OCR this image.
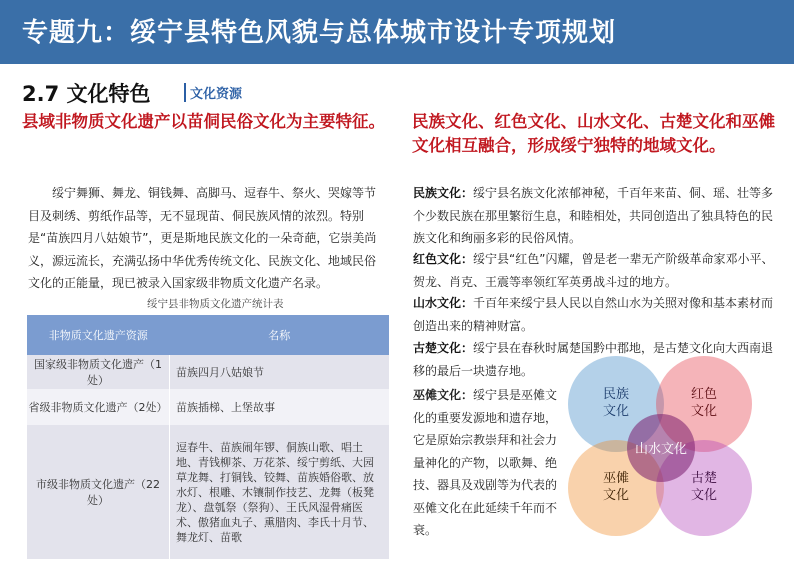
专题九：绥宁县特色风貌与总体城市设计专项规划
2.7 文化特色	文化资源
县域非物质文化遗产以苗侗民俗文化为主要特征。
绥宁舞狮、舞龙、铜钱舞、高脚马、逗春牛、祭火、哭嫁等节目及刺绣、剪纸作品等，无不显现苗、侗民族风情的浓烈。特别是“苗族四月八姑娘节”，更是斯地民族文化的一朵奇葩，它崇美尚义，源远流长，充满弘扬中华优秀传统文化、民族文化、地域民俗文化的正能量，现已被录入国家级非物质文化遗产名录。
绥宁县非物质文化遗产统计表
非物质文化遗产资源	名称
国家级非物质文化遗产（1处）	苗族四月八姑娘节
省级非物质文化遗产（2处）	苗族插梯、上堡故事
市级非物质文化遗产（22处）	逗春牛、苗族闹年锣、侗族山歌、唱土地、青钱柳茶、万花茶、绥宁剪纸、大园草龙舞、打铜钱、铰舞、苗族婚俗歌、放水灯、根雕、木镶制作技艺、龙舞（板凳龙）、盘瓠祭（祭狗）、王氏风湿骨痛医术、傲猪血丸子、熏腊肉、李氏十月节、舞龙灯、苗歌
民族文化、红色文化、山水文化、古楚文化和巫傩文化相互融合，形成绥宁独特的地域文化。
民族文化：绥宁县名族文化浓郁神秘，千百年来苗、侗、瑶、壮等多个少数民族在那里繁衍生息，和睦相处，共同创造出了独具特色的民族文化和绚丽多彩的民俗风情。
红色文化：绥宁县“红色”闪耀，曾是老一辈无产阶级革命家邓小平、贺龙、肖克、王震等率领红军英勇战斗过的地方。
山水文化：千百年来绥宁县人民以自然山水为关照对像和基本素材而创造出来的精神财富。
古楚文化：绥宁县在春秋时属楚国黔中郡地，是古楚文化向大西南退移的最后一块遗存地。
巫傩文化：绥宁县是巫傩文化的重要发源地和遗存地，它是原始宗教崇拜和社会力量神化的产物，以歌舞、绝技、器具及戏剧等为代表的巫傩文化在此延续千年而不衰。
民族文化
红色文化
巫傩文化
古楚文化
山水文化
